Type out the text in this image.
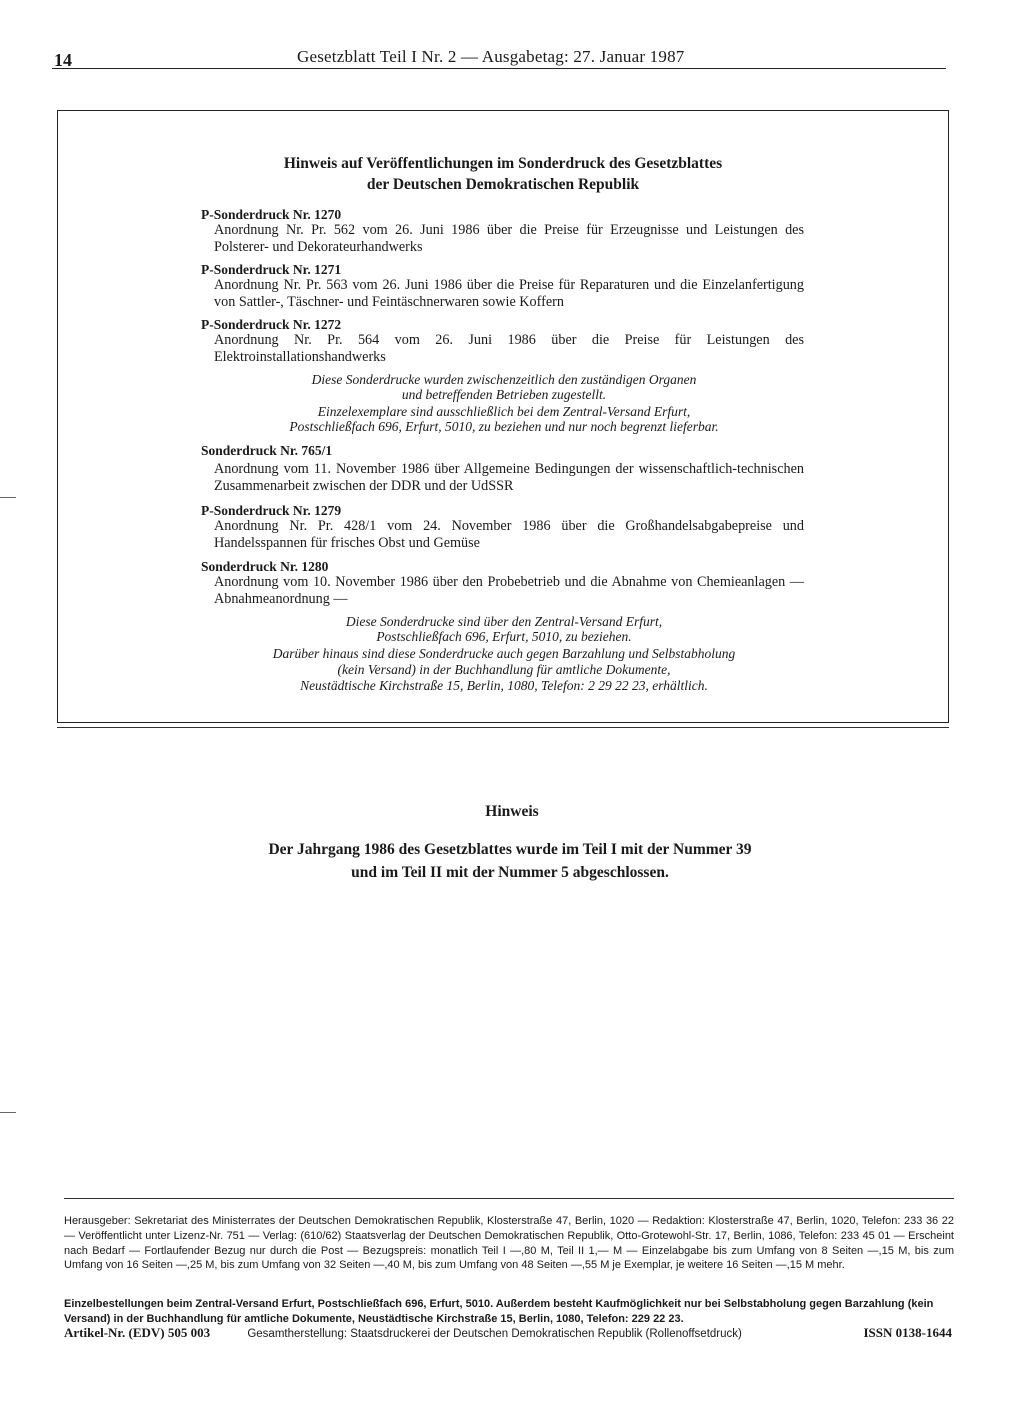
14	Gesetzblatt Teil I Nr. 2 — Ausgabetag: 27. Januar 1987
Hinweis auf Veröffentlichungen im Sonderdruck des Gesetzblattes
der Deutschen Demokratischen Republik
P-Sonderdruck Nr. 1270
Anordnung Nr. Pr. 562 vom 26. Juni 1986 über die Preise für Erzeugnisse und Leistungen des Polsterer- und Dekorateurhandwerks
P-Sonderdruck Nr. 1271
Anordnung Nr. Pr. 563 vom 26. Juni 1986 über die Preise für Reparaturen und die Einzelanfertigung von Sattler-, Täschner- und Feintäschnerwaren sowie Koffern
P-Sonderdruck Nr. 1272
Anordnung Nr. Pr. 564 vom 26. Juni 1986 über die Preise für Leistungen des Elektroinstallationshandwerks
Diese Sonderdrucke wurden zwischenzeitlich den zuständigen Organen
und betreffenden Betrieben zugestellt.
Einzelexemplare sind ausschließlich bei dem Zentral-Versand Erfurt,
Postschließfach 696, Erfurt, 5010, zu beziehen und nur noch begrenzt lieferbar.
Sonderdruck Nr. 765/1
Anordnung vom 11. November 1986 über Allgemeine Bedingungen der wissenschaftlich-technischen Zusammenarbeit zwischen der DDR und der UdSSR
P-Sonderdruck Nr. 1279
Anordnung Nr. Pr. 428/1 vom 24. November 1986 über die Großhandelsabgabepreise und Handelsspannen für frisches Obst und Gemüse
Sonderdruck Nr. 1280
Anordnung vom 10. November 1986 über den Probebetrieb und die Abnahme von Chemieanlagen — Abnahmeanordnung —
Diese Sonderdrucke sind über den Zentral-Versand Erfurt,
Postschließfach 696, Erfurt, 5010, zu beziehen.
Darüber hinaus sind diese Sonderdrucke auch gegen Barzahlung und Selbstabholung
(kein Versand) in der Buchhandlung für amtliche Dokumente,
Neustädtische Kirchstraße 15, Berlin, 1080, Telefon: 2 29 22 23, erhältlich.
Hinweis
Der Jahrgang 1986 des Gesetzblattes wurde im Teil I mit der Nummer 39
und im Teil II mit der Nummer 5 abgeschlossen.
Herausgeber: Sekretariat des Ministerrates der Deutschen Demokratischen Republik, Klosterstraße 47, Berlin, 1020 — Redaktion: Klosterstraße 47, Berlin, 1020, Telefon: 233 36 22 — Veröffentlicht unter Lizenz-Nr. 751 — Verlag: (610/62) Staatsverlag der Deutschen Demokratischen Republik, Otto-Grotewohl-Str. 17, Berlin, 1086, Telefon: 233 45 01 — Erscheint nach Bedarf — Fortlaufender Bezug nur durch die Post — Bezugspreis: monatlich Teil I —,80 M, Teil II 1,— M — Einzelabgabe bis zum Umfang von 8 Seiten —,15 M, bis zum Umfang von 16 Seiten —,25 M, bis zum Umfang von 32 Seiten —,40 M, bis zum Umfang von 48 Seiten —,55 M je Exemplar, je weitere 16 Seiten —,15 M mehr.
Einzelbestellungen beim Zentral-Versand Erfurt, Postschließfach 696, Erfurt, 5010. Außerdem besteht Kaufmöglichkeit nur bei Selbstabholung gegen Barzahlung (kein Versand) in der Buchhandlung für amtliche Dokumente, Neustädtische Kirchstraße 15, Berlin, 1080, Telefon: 229 22 23.
Artikel-Nr. (EDV) 505 003	Gesamtherstellung: Staatsdruckerei der Deutschen Demokratischen Republik (Rollenoffsetdruck)	ISSN 0138-1644
